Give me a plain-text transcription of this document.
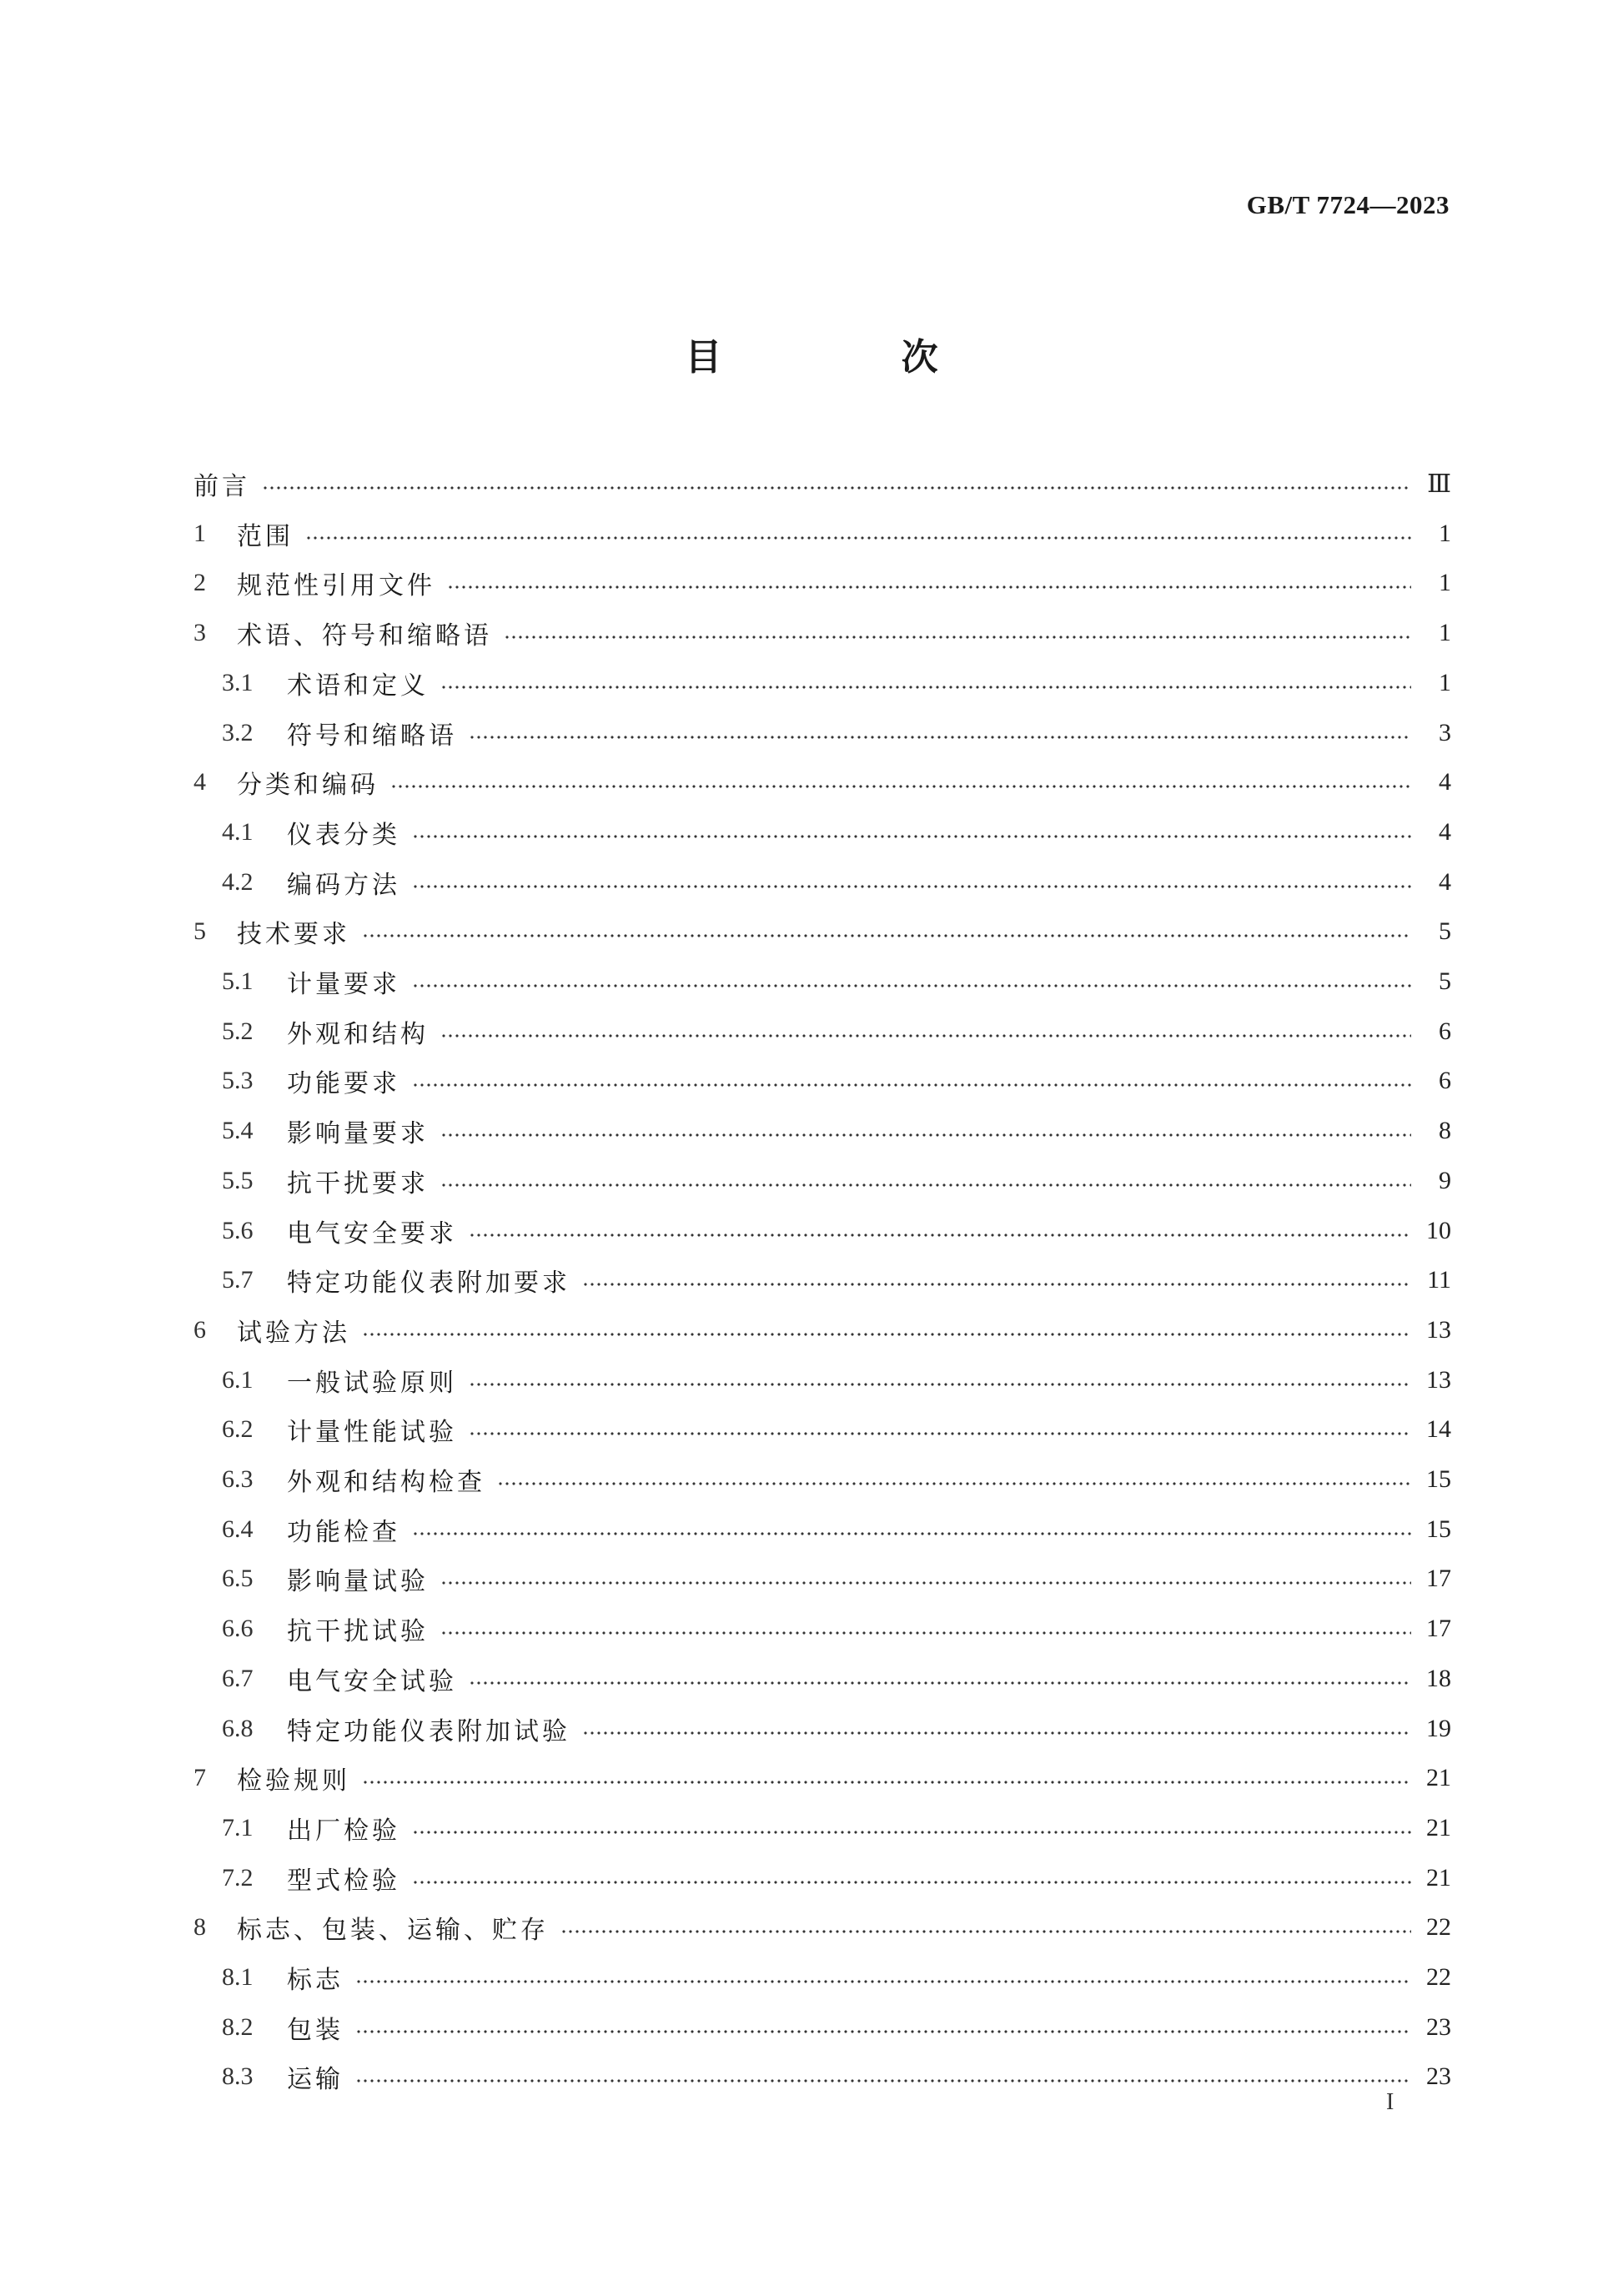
GB/T 7724—2023
目 次
前言	Ⅲ
1	范围	1
2	规范性引用文件	1
3	术语、符号和缩略语	1
3.1	术语和定义	1
3.2	符号和缩略语	3
4	分类和编码	4
4.1	仪表分类	4
4.2	编码方法	4
5	技术要求	5
5.1	计量要求	5
5.2	外观和结构	6
5.3	功能要求	6
5.4	影响量要求	8
5.5	抗干扰要求	9
5.6	电气安全要求	10
5.7	特定功能仪表附加要求	11
6	试验方法	13
6.1	一般试验原则	13
6.2	计量性能试验	14
6.3	外观和结构检查	15
6.4	功能检查	15
6.5	影响量试验	17
6.6	抗干扰试验	17
6.7	电气安全试验	18
6.8	特定功能仪表附加试验	19
7	检验规则	21
7.1	出厂检验	21
7.2	型式检验	21
8	标志、包装、运输、贮存	22
8.1	标志	22
8.2	包装	23
8.3	运输	23
I
